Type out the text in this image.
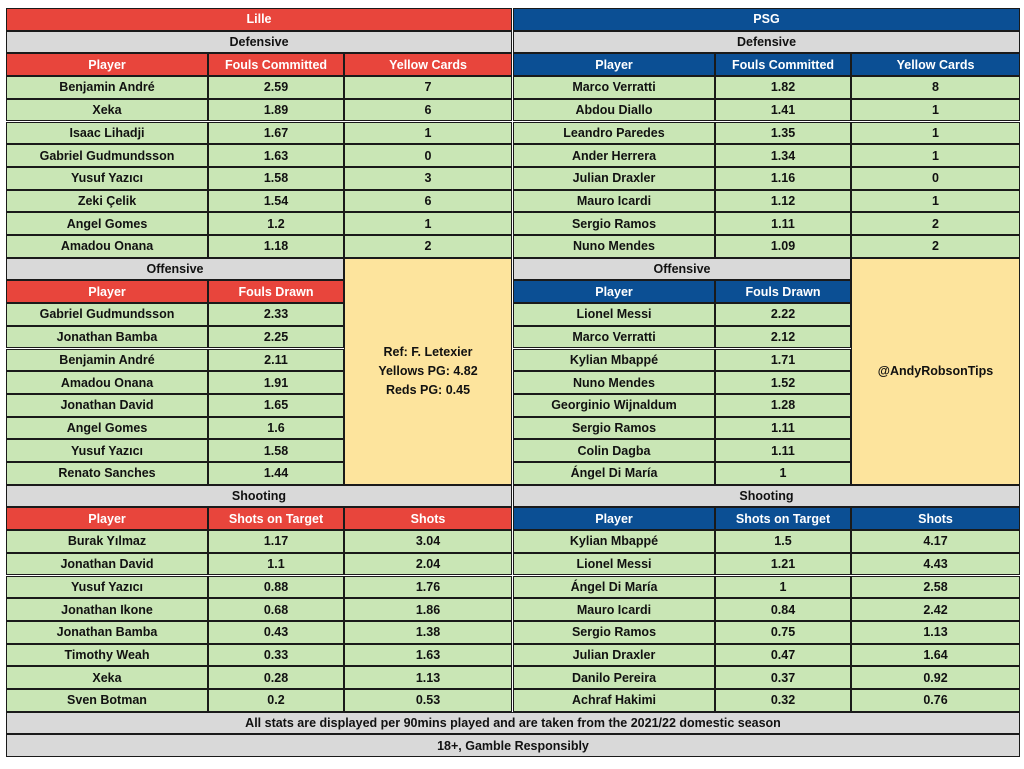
Lille
Defensive
Player	Fouls Committed	Yellow Cards
Benjamin André	2.59	7
Xeka	1.89	6
Isaac Lihadji	1.67	1
Gabriel Gudmundsson	1.63	0
Yusuf Yazıcı	1.58	3
Zeki Çelik	1.54	6
Angel Gomes	1.2	1
Amadou Onana	1.18	2
Offensive
Player	Fouls Drawn
Gabriel Gudmundsson	2.33
Jonathan Bamba	2.25
Benjamin André	2.11
Amadou Onana	1.91
Jonathan David	1.65
Angel Gomes	1.6
Yusuf Yazıcı	1.58
Renato Sanches	1.44
Shooting
Player	Shots on Target	Shots
Burak Yılmaz	1.17	3.04
Jonathan David	1.1	2.04
Yusuf Yazıcı	0.88	1.76
Jonathan Ikone	0.68	1.86
Jonathan Bamba	0.43	1.38
Timothy Weah	0.33	1.63
Xeka	0.28	1.13
Sven Botman	0.2	0.53
PSG
Defensive
Player	Fouls Committed	Yellow Cards
Marco Verratti	1.82	8
Abdou Diallo	1.41	1
Leandro Paredes	1.35	1
Ander Herrera	1.34	1
Julian Draxler	1.16	0
Mauro Icardi	1.12	1
Sergio Ramos	1.11	2
Nuno Mendes	1.09	2
Offensive
Player	Fouls Drawn
Lionel Messi	2.22
Marco Verratti	2.12
Kylian Mbappé	1.71
Nuno Mendes	1.52
Georginio Wijnaldum	1.28
Sergio Ramos	1.11
Colin Dagba	1.11
Ángel Di María	1
Shooting
Player	Shots on Target	Shots
Kylian Mbappé	1.5	4.17
Lionel Messi	1.21	4.43
Ángel Di María	1	2.58
Mauro Icardi	0.84	2.42
Sergio Ramos	0.75	1.13
Julian Draxler	0.47	1.64
Danilo Pereira	0.37	0.92
Achraf Hakimi	0.32	0.76
Ref: F. Letexier
Yellows PG: 4.82
Reds PG: 0.45
@AndyRobsonTips
All stats are displayed per 90mins played and are taken from the 2021/22 domestic season
18+, Gamble Responsibly
